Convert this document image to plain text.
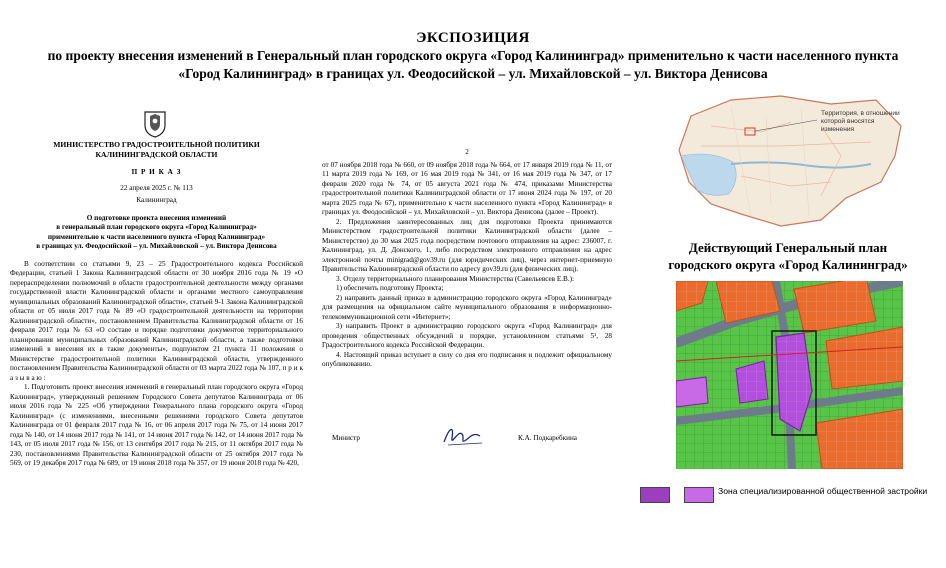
ЭКСПОЗИЦИЯ
по проекту внесения изменений в Генеральный план городского округа «Город Калининград» применительно к части населенного пункта
«Город Калининград» в границах ул. Феодосийской – ул. Михайловской – ул. Виктора Денисова
МИНИСТЕРСТВО ГРАДОСТРОИТЕЛЬНОЙ ПОЛИТИКИ
КАЛИНИНГРАДСКОЙ ОБЛАСТИ
П Р И К А З
22 апреля 2025 г. № 113
Калининград
О подготовке проекта внесения изменений
в генеральный план городского округа «Город Калининград»
применительно к части населенного пункта «Город Калининград»
в границах ул. Феодосийской – ул. Михайловской – ул. Виктора Денисова

В соответствии со статьями 9, 23 – 25 Градостроительного кодекса Российской Федерации, статьей 1 Закона Калининградской области от 30 ноября 2016 года № 19 «О перераспределении полномочий в области градостроительной деятельности между органами государственной власти Калининградской области и органами местного самоуправления муниципальных образований Калининградской области», статьей 9-1 Закона Калининградской области от 05 июля 2017 года № 89 «О градостроительной деятельности на территории Калининградской области», постановлением Правительства Калининградской области от 16 февраля 2017 года № 63 «О составе и порядке подготовки документов территориального планирования муниципальных образований Калининградской области, а также подготовки изменений в внесения их в такие документы», подпунктом 21 пункта 11 положения о Министерстве градостроительной политики Калининградской области, утвержденного постановлением Правительства Калининградской области от 03 марта 2022 года № 107, п р и к а з ы в а ю :

1. Подготовить проект внесения изменений в генеральный план городского округа «Город Калининград», утвержденный решением Городского Совета депутатов Калининграда от 06 июля 2016 года № 225 «Об утверждении Генерального плана городского округа «Город Калининград» (с изменениями, внесенными решениями городского Совета депутатов Калининграда от 01 февраля 2017 года № 16, от 06 апреля 2017 года № 75, от 14 июня 2017 года № 140, от 14 июня 2017 года № 141, от 14 июня 2017 года № 142, от 14 июня 2017 года № 143, от 05 июля 2017 года № 156, от 13 сентября 2017 года № 215, от 11 октября 2017 года № 230, постановлениями Правительства Калининградской области от 25 октября 2017 года № 569, от 19 декабря 2017 года № 689, от 19 июня 2018 года № 357, от 19 июня 2018 года № 420,

2

от 07 ноября 2018 года № 660, от 09 ноября 2018 года № 664, от 17 января 2019 года № 11, от 11 марта 2019 года № 169, от 16 мая 2019 года № 341, от 16 мая 2019 года № 347, от 17 февраля 2020 года № 74, от 05 августа 2021 года № 474, приказами Министерства градостроительной политики Калининградской области от 17 июня 2024 года № 197, от 20 марта 2025 года № 67), применительно к части населенного пункта «Город Калининград» в границах ул. Феодосийской – ул. Михайловской – ул. Виктора Денисова (далее – Проект).

2. Предложения заинтересованных лиц для подготовки Проекта принимаются Министерством градостроительной политики Калининградской области (далее – Министерство) до 30 мая 2025 года посредством почтового отправления на адрес: 236007, г. Калининград, ул. Д. Донского, 1, либо посредством электронного отправления на адрес электронной почты minigrad@gov39.ru (для юридических лиц), через интернет-приемную Правительства Калининградской области по адресу gov39.ru (для физических лиц).

3. Отделу территориального планирования Министерства (Савельевсев Е.В.):

1) обеспечить подготовку Проекта;

2) направить данный приказ в администрацию городского округа «Город Калининград» для размещения на официальном сайте муниципального образования в информационно-телекоммуникационной сети «Интернет»;

3) направить Проект в администрацию городского округа «Город Калининград» для проведения общественных обсуждений в порядке, установленном статьями 5¹, 28 Градостроительного кодекса Российской Федерации.

4. Настоящий приказ вступает в силу со дня его подписания и подлежит официальному опубликованию.

Министр	К.А. Подкаребкина
Территория, в отношении
которой вносятся изменения
Действующий Генеральный план
городского округа «Город Калининград»
Зона специализированной общественной застройки
